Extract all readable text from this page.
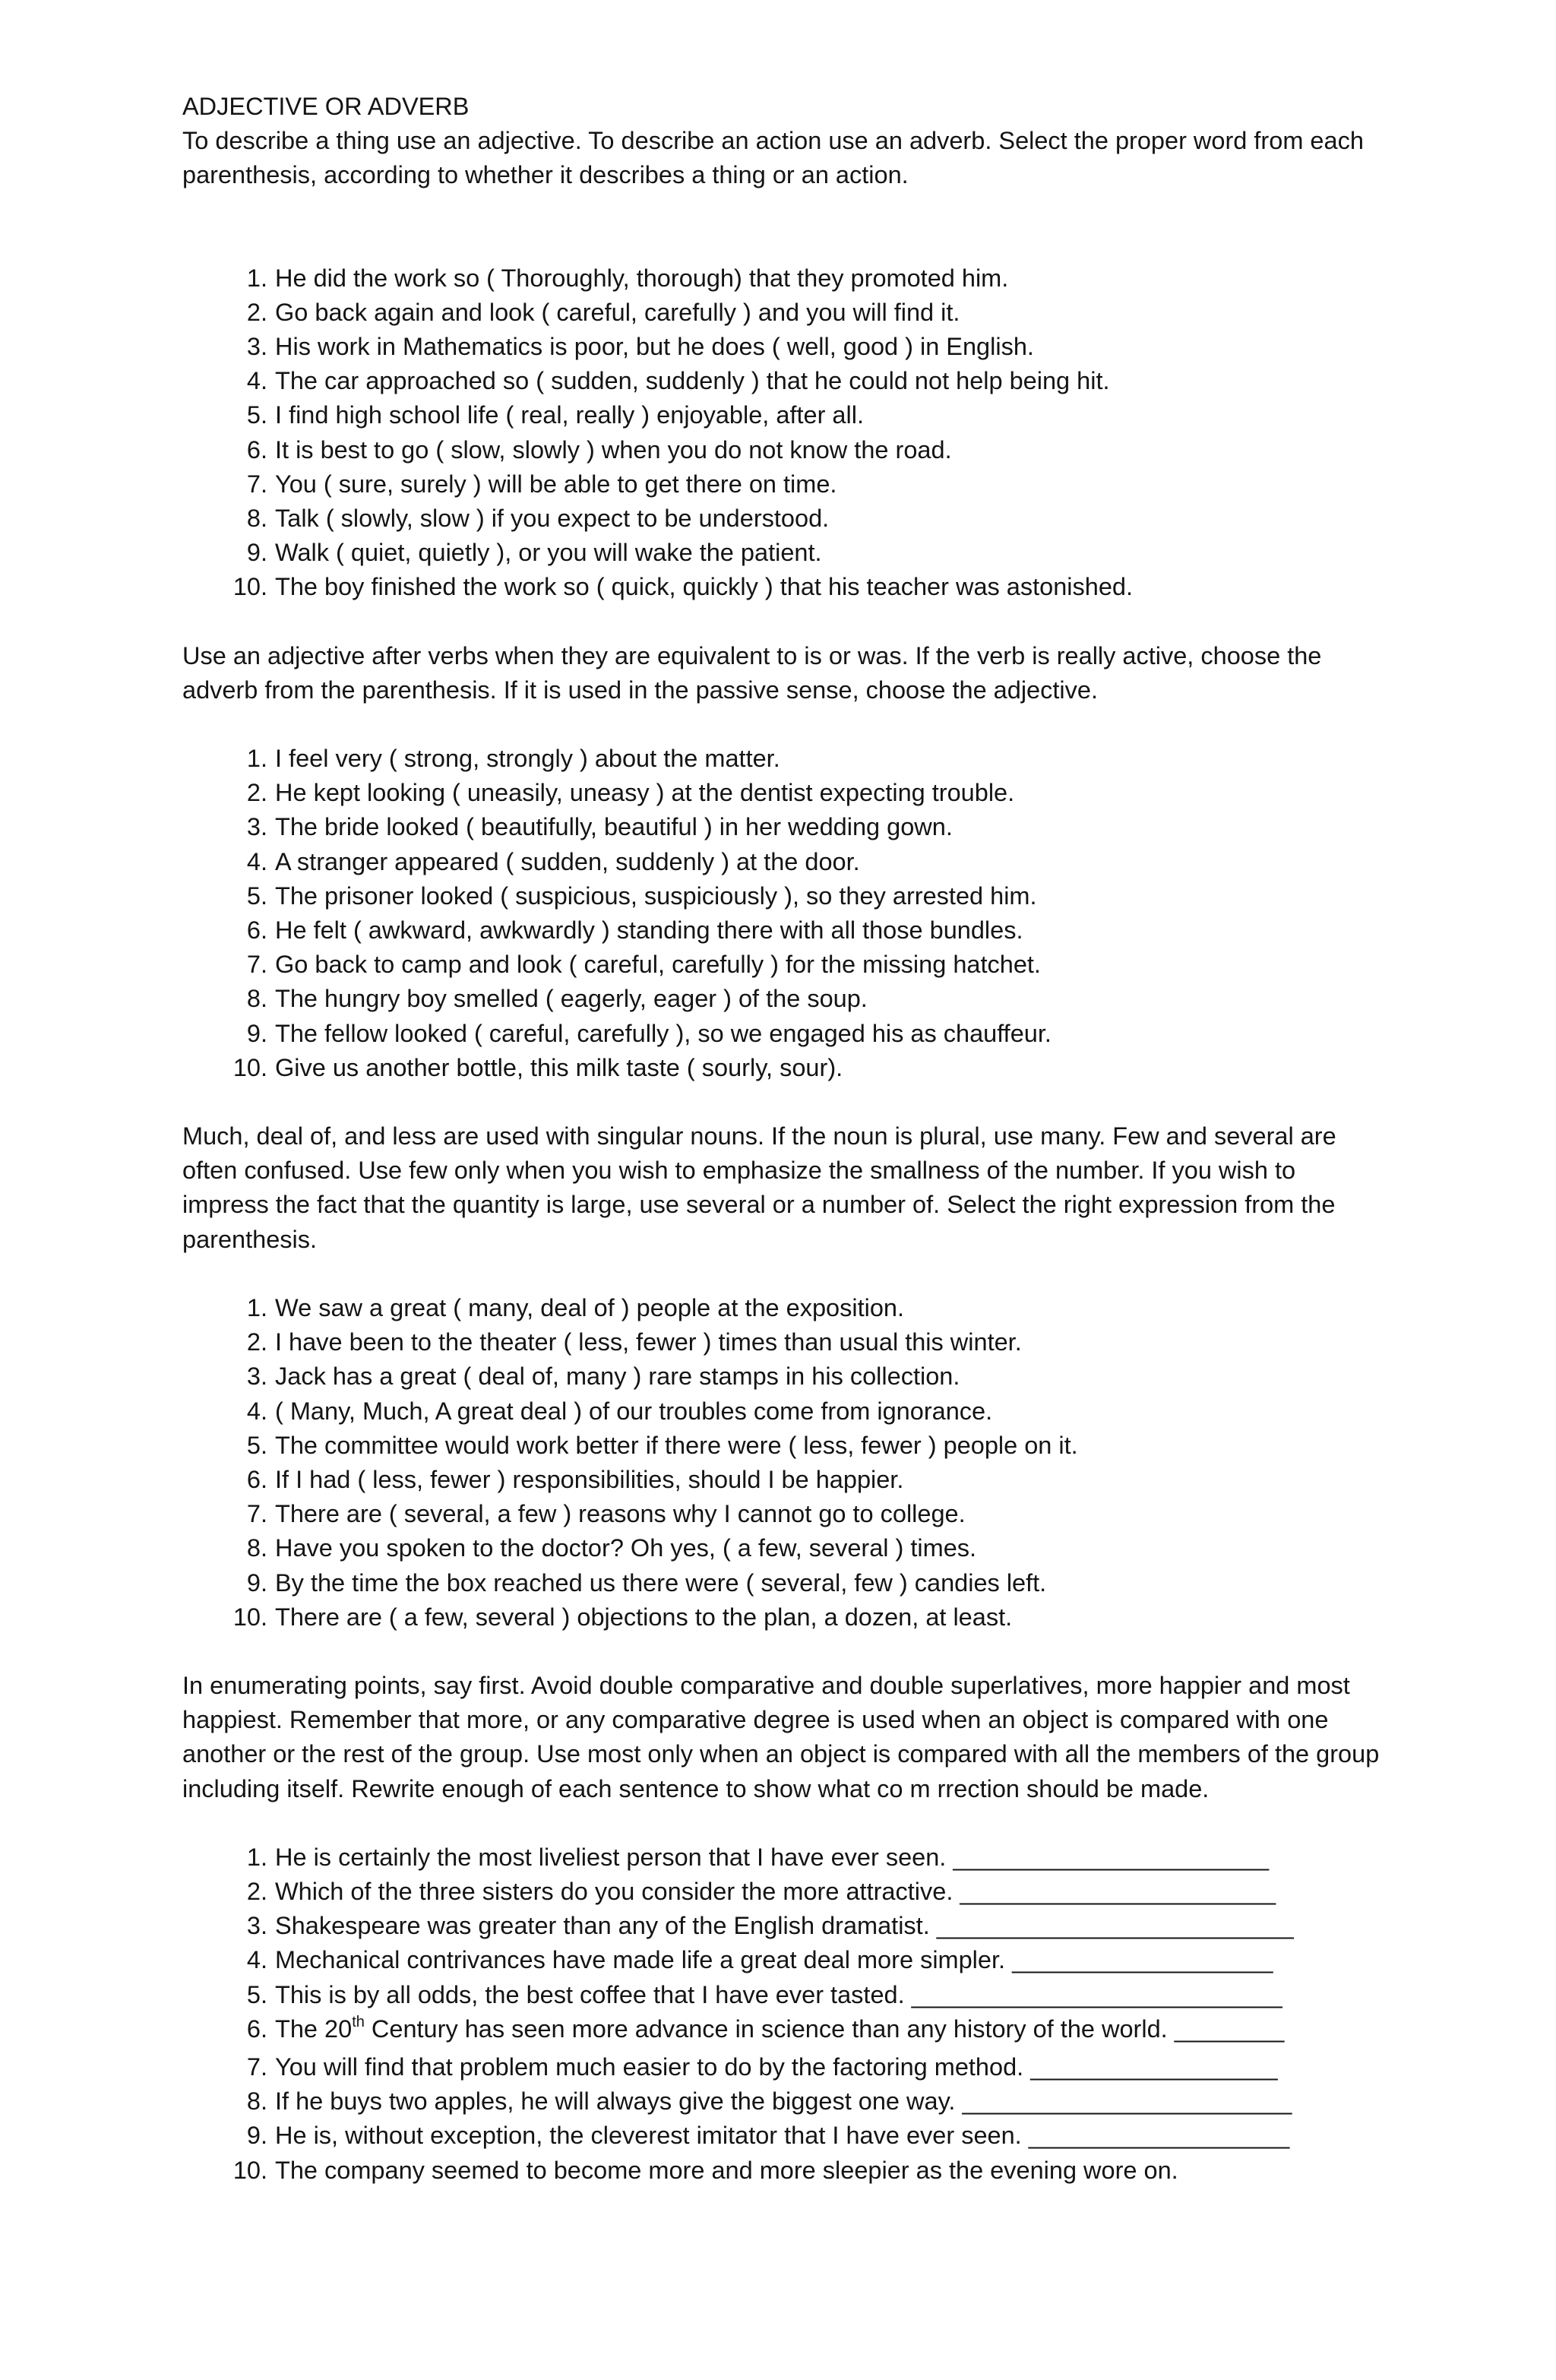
ADJECTIVE OR ADVERB

To describe a thing use an adjective. To describe an action use an adverb. Select the proper word from each parenthesis, according to whether it describes a thing or an action.

1. He did the work so ( Thoroughly, thorough) that they promoted him.
2. Go back again and look ( careful, carefully ) and you will find it.
3. His work in Mathematics is poor, but he does ( well, good ) in English.
4. The car approached so ( sudden, suddenly ) that he could not help being hit.
5. I find high school life ( real, really ) enjoyable, after all.
6. It is best to go ( slow, slowly ) when you do not know the road.
7. You ( sure, surely ) will be able to get there on time.
8. Talk ( slowly, slow ) if you expect to be understood.
9. Walk ( quiet, quietly ), or you will wake the patient.
10. The boy finished the work so ( quick, quickly ) that his teacher was astonished.

Use an adjective after verbs when they are equivalent to is or was. If the verb is really active, choose the adverb from the parenthesis. If it is used in the passive sense, choose the adjective.

1. I feel very ( strong, strongly ) about the matter.
2. He kept looking ( uneasily, uneasy ) at the dentist expecting trouble.
3. The bride looked ( beautifully, beautiful ) in her wedding gown.
4. A stranger appeared ( sudden, suddenly ) at the door.
5. The prisoner looked ( suspicious, suspiciously ), so they arrested him.
6. He felt ( awkward, awkwardly ) standing there with all those bundles.
7. Go back to camp and look ( careful, carefully ) for the missing hatchet.
8. The hungry boy smelled ( eagerly, eager ) of the soup.
9. The fellow looked ( careful, carefully ), so we engaged his as chauffeur.
10. Give us another bottle, this milk taste ( sourly, sour).

Much, deal of, and less are used with singular nouns. If the noun is plural, use many. Few and several are often confused. Use few only when you wish to emphasize the smallness of the number. If you wish to impress the fact that the quantity is large, use several or a number of. Select the right expression from the parenthesis.

1. We saw a great ( many, deal of ) people at the exposition.
2. I have been to the theater ( less, fewer ) times than usual this winter.
3. Jack has a great ( deal of, many ) rare stamps in his collection.
4. ( Many, Much, A great deal ) of our troubles come from ignorance.
5. The committee would work better if there were ( less, fewer ) people on it.
6. If I had ( less, fewer ) responsibilities, should I be happier.
7. There are ( several, a few ) reasons why I cannot go to college.
8. Have you spoken to the doctor? Oh yes, ( a few, several ) times.
9. By the time the box reached us there were ( several, few ) candies left.
10. There are ( a few, several ) objections to the plan, a dozen, at least.

In enumerating points, say first. Avoid double comparative and double superlatives, more happier and most happiest. Remember that more, or any comparative degree is used when an object is compared with one another or the rest of the group. Use most only when an object is compared with all the members of the group including itself. Rewrite enough of each sentence to show what co m rrection should be made.

1. He is certainly the most liveliest person that I have ever seen. _______________________
2. Which of the three sisters do you consider the more attractive. _______________________
3. Shakespeare was greater than any of the English dramatist. __________________________
4. Mechanical contrivances have made life a great deal more simpler. ___________________
5. This is by all odds, the best coffee that I have ever tasted. ___________________________
6. The 20th Century has seen more advance in science than any history of the world. ________
7. You will find that problem much easier to do by the factoring method. __________________
8. If he buys two apples, he will always give the biggest one way. ________________________
9. He is, without exception, the cleverest imitator that I have ever seen. ___________________
10. The company seemed to become more and more sleepier as the evening wore on.
